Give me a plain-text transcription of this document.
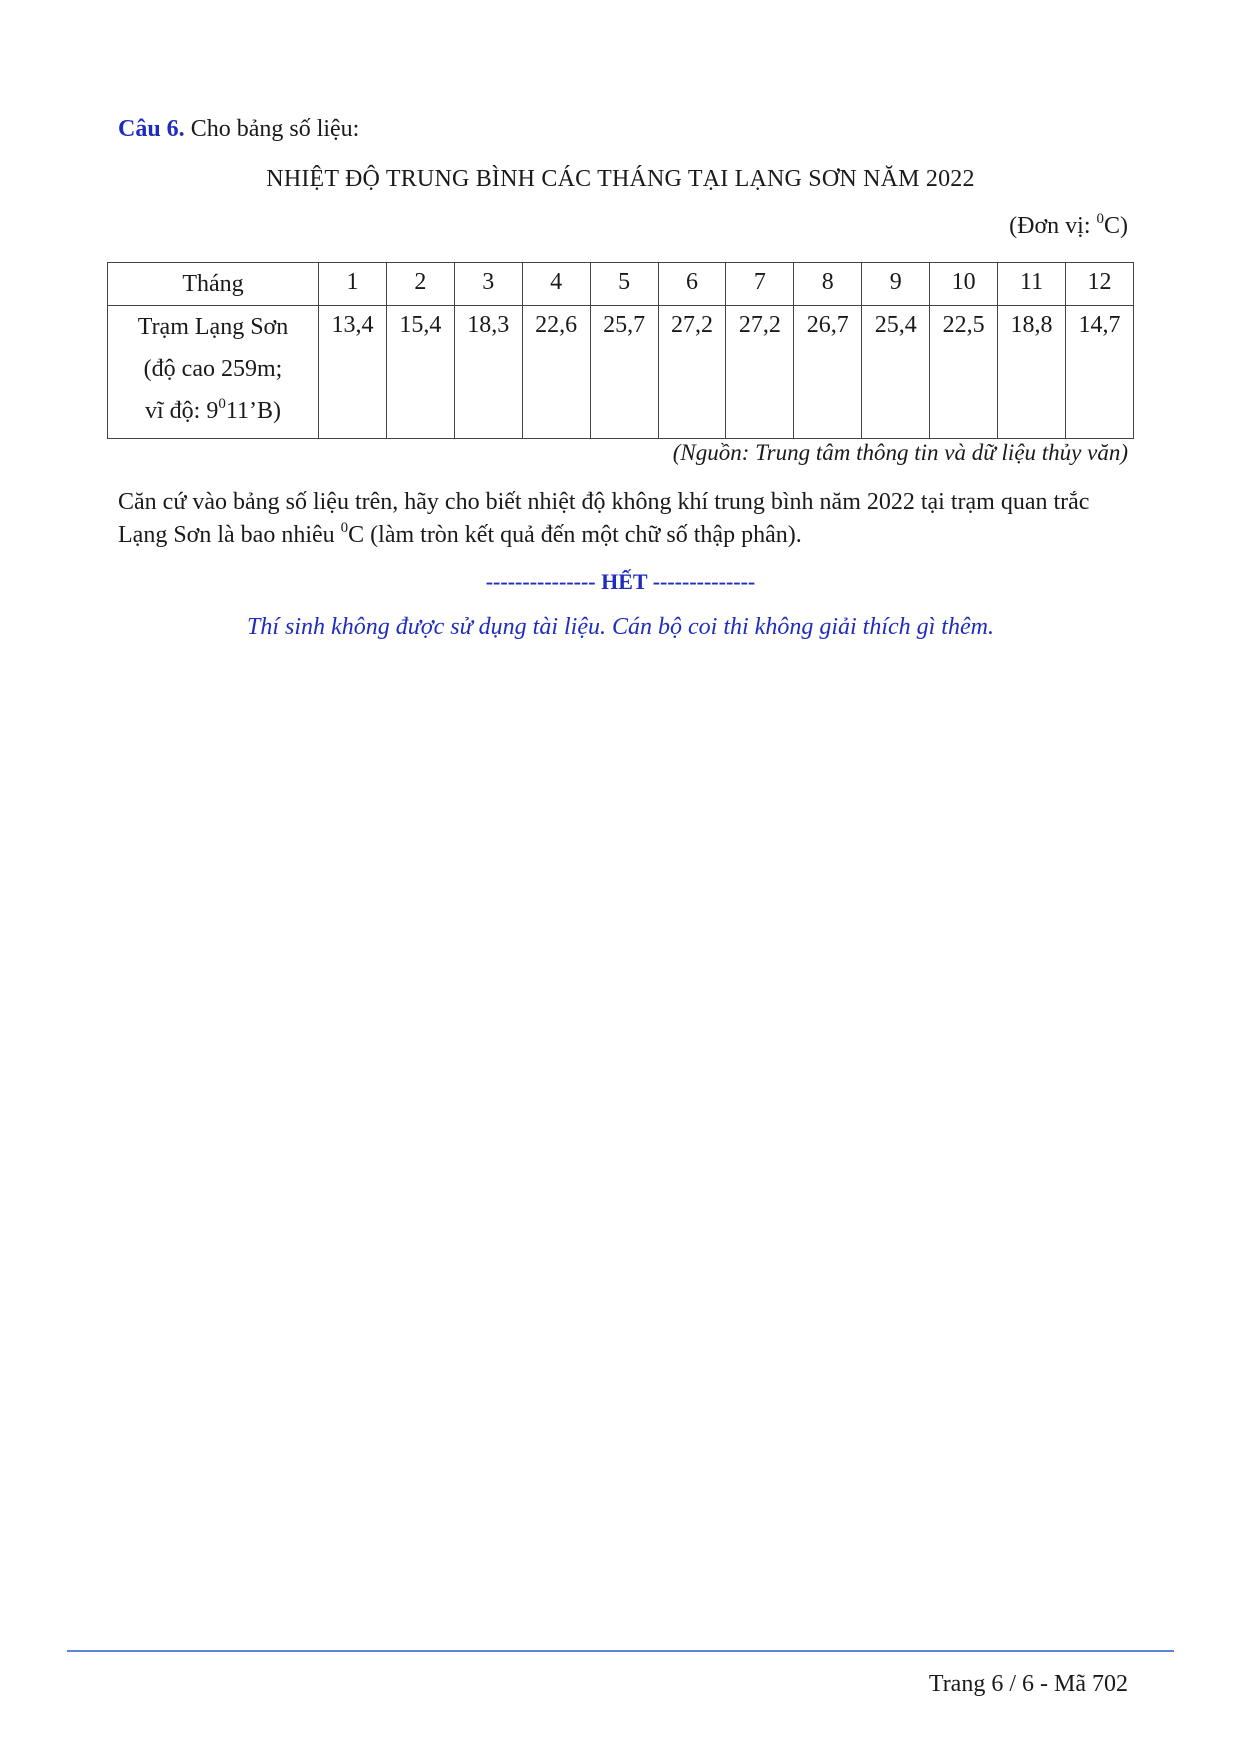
Câu 6. Cho bảng số liệu:
NHIỆT ĐỘ TRUNG BÌNH CÁC THÁNG TẠI LẠNG SƠN NĂM 2022
(Đơn vị: $^0$C)
Tháng	1	2	3	4	5	6	7	8	9	10	11	12

Trạm Lạng Sơn
(độ cao 259m;
vĩ độ: $9^011’B$)	13,4	15,4	18,3	22,6	25,7	27,2	27,2	26,7	25,4	22,5	18,8	14,7
(Nguồn: Trung tâm thông tin và dữ liệu thủy văn)
Căn cứ vào bảng số liệu trên, hãy cho biết nhiệt độ không khí trung bình năm 2022 tại trạm quan trắc Lạng Sơn là bao nhiêu $^0$C (làm tròn kết quả đến một chữ số thập phân).
--------------- HẾT --------------
Thí sinh không được sử dụng tài liệu. Cán bộ coi thi không giải thích gì thêm.
Trang 6 / 6 - Mã 702
